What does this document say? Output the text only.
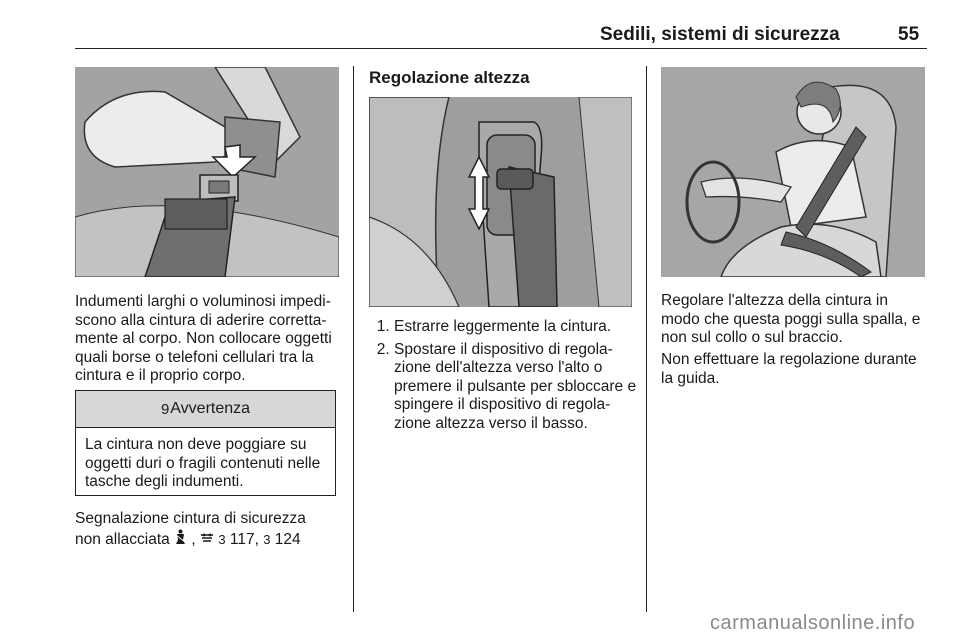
Sedili, sistemi di sicurezza	55

Indumenti larghi o voluminosi impedi-scono alla cintura di aderire corretta-mente al corpo. Non collocare oggetti quali borse o telefoni cellulari tra la cintura e il proprio corpo.

9 Avvertenza
La cintura non deve poggiare su oggetti duri o fragili contenuti nelle tasche degli indumenti.

Segnalazione cintura di sicurezza
non allacciata ,  3 117, 3 124

Regolazione altezza
1. Estrarre leggermente la cintura.
2. Spostare il dispositivo di regola-zione dell'altezza verso l'alto o premere il pulsante per sbloccare e spingere il dispositivo di regola-zione altezza verso il basso.

Regolare l'altezza della cintura in modo che questa poggi sulla spalla, e non sul collo o sul braccio.

Non effettuare la regolazione durante la guida.

carmanualsonline.info
